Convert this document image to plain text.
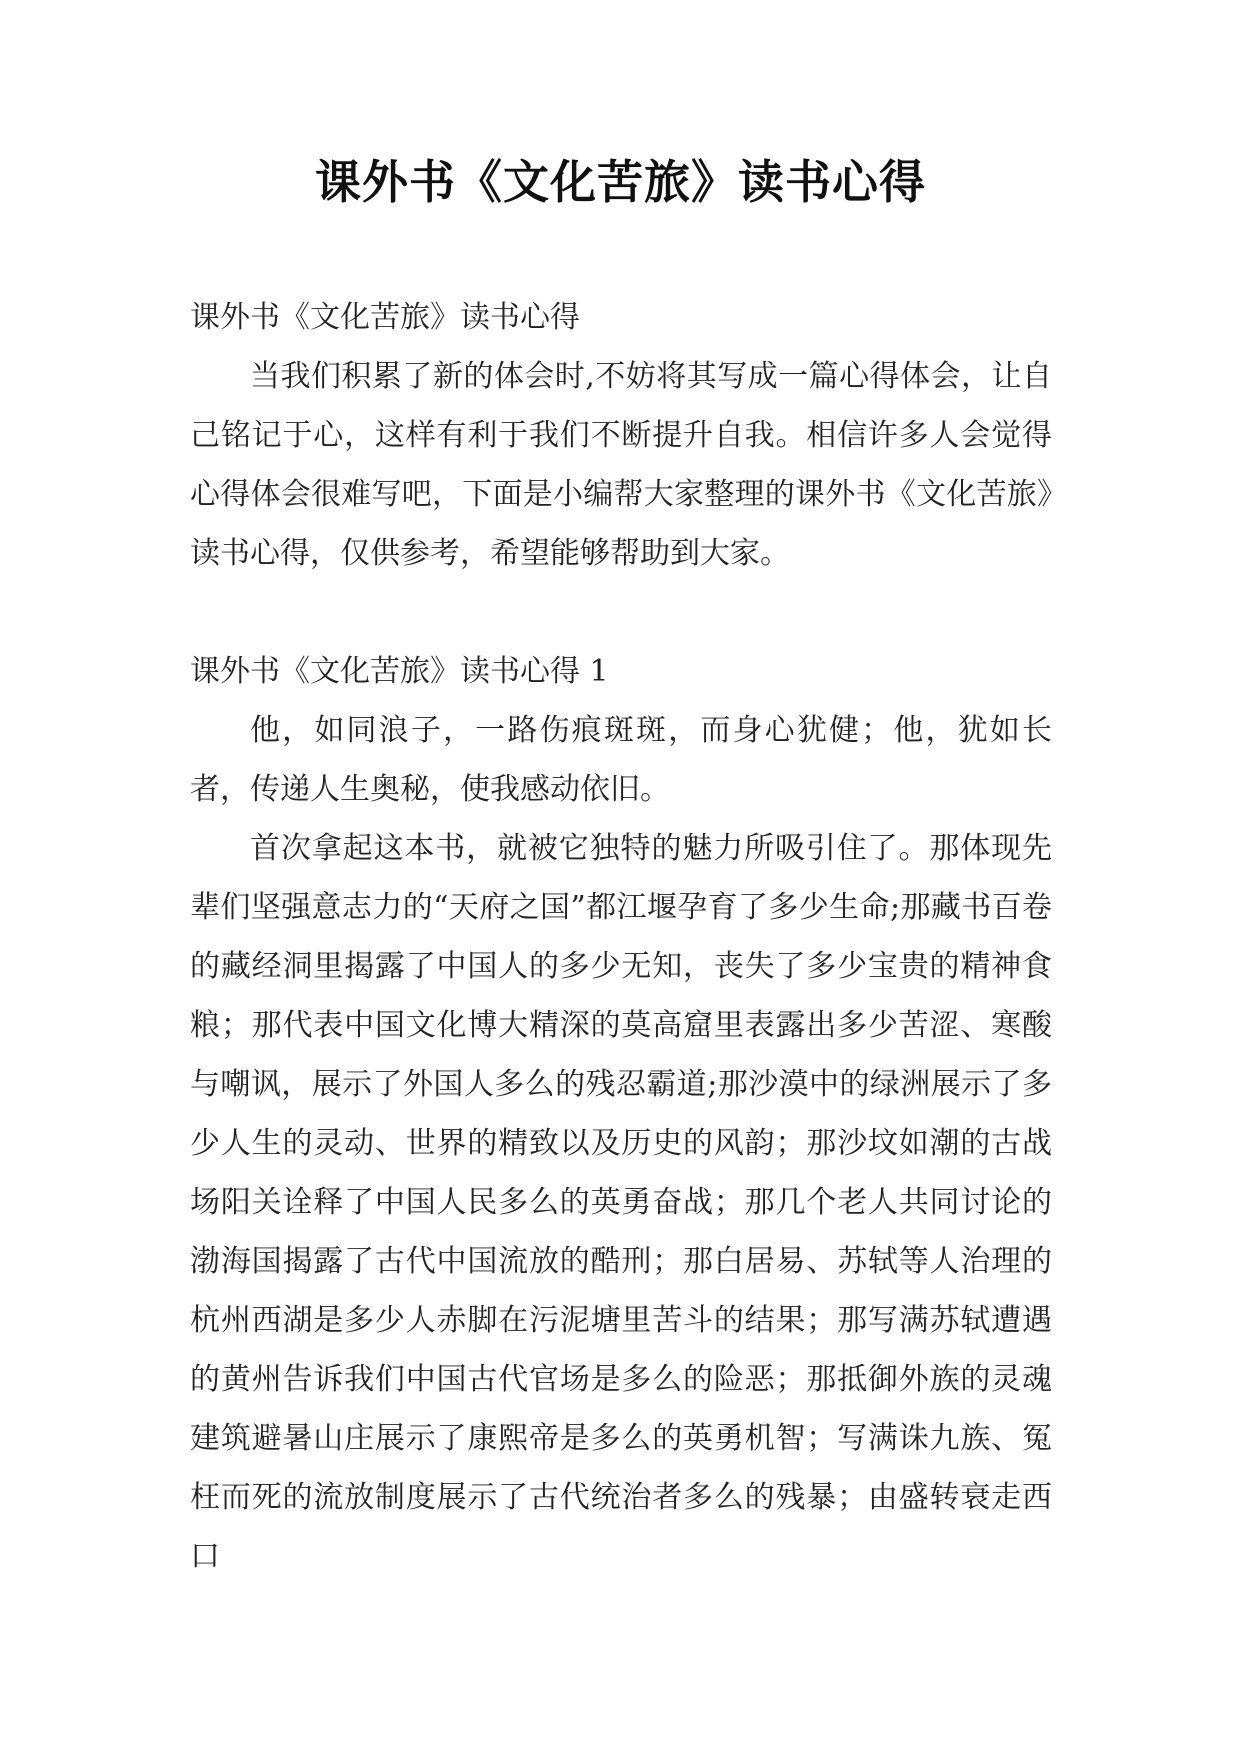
课外书《文化苦旅》读书心得

课外书《文化苦旅》读书心得

当我们积累了新的体会时,不妨将其写成一篇心得体会，让自己铭记于心，这样有利于我们不断提升自我。相信许多人会觉得心得体会很难写吧，下面是小编帮大家整理的课外书《文化苦旅》读书心得，仅供参考，希望能够帮助到大家。

课外书《文化苦旅》读书心得 1

他，如同浪子，一路伤痕斑斑，而身心犹健；他，犹如长者，传递人生奥秘，使我感动依旧。

首次拿起这本书，就被它独特的魅力所吸引住了。那体现先辈们坚强意志力的“天府之国”都江堰孕育了多少生命;那藏书百卷的藏经洞里揭露了中国人的多少无知，丧失了多少宝贵的精神食粮；那代表中国文化博大精深的莫高窟里表露出多少苦涩、寒酸与嘲讽，展示了外国人多么的残忍霸道;那沙漠中的绿洲展示了多少人生的灵动、世界的精致以及历史的风韵；那沙坟如潮的古战场阳关诠释了中国人民多么的英勇奋战；那几个老人共同讨论的渤海国揭露了古代中国流放的酷刑；那白居易、苏轼等人治理的杭州西湖是多少人赤脚在污泥塘里苦斗的结果；那写满苏轼遭遇的黄州告诉我们中国古代官场是多么的险恶；那抵御外族的灵魂建筑避暑山庄展示了康熙帝是多么的英勇机智；写满诛九族、冤枉而死的流放制度展示了古代统治者多么的残暴；由盛转衰走西口
